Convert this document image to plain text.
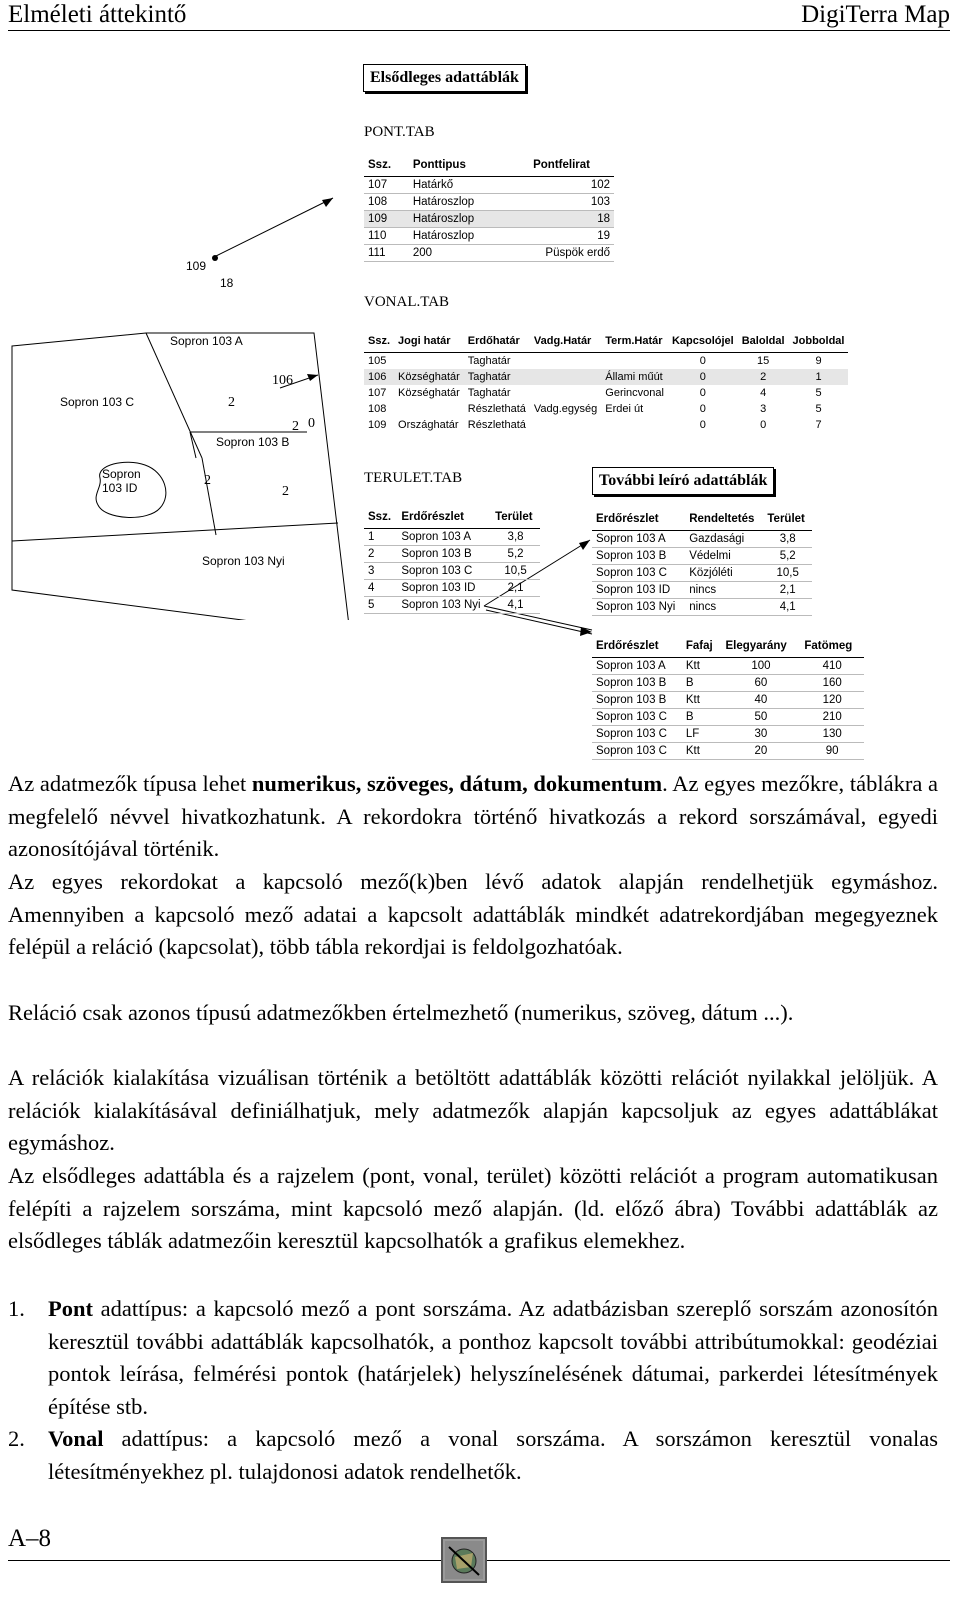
Elméleti áttekintő	DigiTerra Map
109
18
Sopron 103 A
Sopron 103 C
Sopron 103 B
Sopron
103 ID
Sopron 103 Nyi
106
2
2 0
2
2
Elsődleges adattáblák
PONT.TAB
Ssz.	Ponttipus	Pontfelirat
107	Határkő	102
108	Határoszlop	103
109	Határoszlop	18
110	Határoszlop	19
111	200	Püspök erdő
VONAL.TAB
Ssz.	Jogi határ	Erdőhatár	Vadg.Határ	Term.Határ	Kapcsolójel	Baloldal	Jobboldal
105		Taghatár			0	15	9
106	Községhatár	Taghatár		Állami műút	0	2	1
107	Községhatár	Taghatár		Gerincvonal	0	4	5
108		Részlethatá	Vadg.egység	Erdei út	0	3	5
109	Országhatár	Részlethatá			0	0	7
TERULET.TAB
Ssz.	Erdőrészlet	Terület
1	Sopron 103 A	3,8
2	Sopron 103 B	5,2
3	Sopron 103 C	10,5
4	Sopron 103 ID	2,1
5	Sopron 103 Nyi	4,1
További leíró adattáblák
Erdőrészlet	Rendeltetés	Terület
Sopron 103 A	Gazdasági	3,8
Sopron 103 B	Védelmi	5,2
Sopron 103 C	Közjóléti	10,5
Sopron 103 ID	nincs	2,1
Sopron 103 Nyi	nincs	4,1
Erdőrészlet	Fafaj	Elegyarány	Fatömeg
Sopron 103 A	Ktt	100	410
Sopron 103 B	B	60	160
Sopron 103 B	Ktt	40	120
Sopron 103 C	B	50	210
Sopron 103 C	LF	30	130
Sopron 103 C	Ktt	20	90
Az adatmezők típusa lehet numerikus, szöveges, dátum, dokumentum. Az egyes mezőkre, táblákra a megfelelő névvel hivatkozhatunk. A rekordokra történő hivatkozás a rekord sorszámával, egyedi azonosítójával történik.
Az egyes rekordokat a kapcsoló mező(k)ben lévő adatok alapján rendelhetjük egymáshoz. Amennyiben a kapcsoló mező adatai a kapcsolt adattáblák mindkét adatrekordjában megegyeznek felépül a reláció (kapcsolat), több tábla rekordjai is feldolgozhatóak.
Reláció csak azonos típusú adatmezőkben értelmezhető (numerikus, szöveg, dátum ...).
A relációk kialakítása vizuálisan történik a betöltött adattáblák közötti relációt nyilakkal jelöljük. A relációk kialakításával definiálhatjuk, mely adatmezők alapján kapcsoljuk az egyes adattáblákat egymáshoz.
Az elsődleges adattábla és a rajzelem (pont, vonal, terület) közötti relációt a program automatikusan felépíti a rajzelem sorszáma, mint kapcsoló mező alapján. (ld. előző ábra) További adattáblák az elsődleges táblák adatmezőin keresztül kapcsolhatók a grafikus elemekhez.
1. Pont adattípus: a kapcsoló mező a pont sorszáma. Az adatbázisban szereplő sorszám azonosítón keresztül további adattáblák kapcsolhatók, a ponthoz kapcsolt további attribútumokkal: geodéziai pontok leírása, felmérési pontok (határjelek) helyszínelésének dátumai, parkerdei létesítmények építése stb.
2. Vonal adattípus: a kapcsoló mező a vonal sorszáma. A sorszámon keresztül vonalas létesítményekhez pl. tulajdonosi adatok rendelhetők.
A–8
